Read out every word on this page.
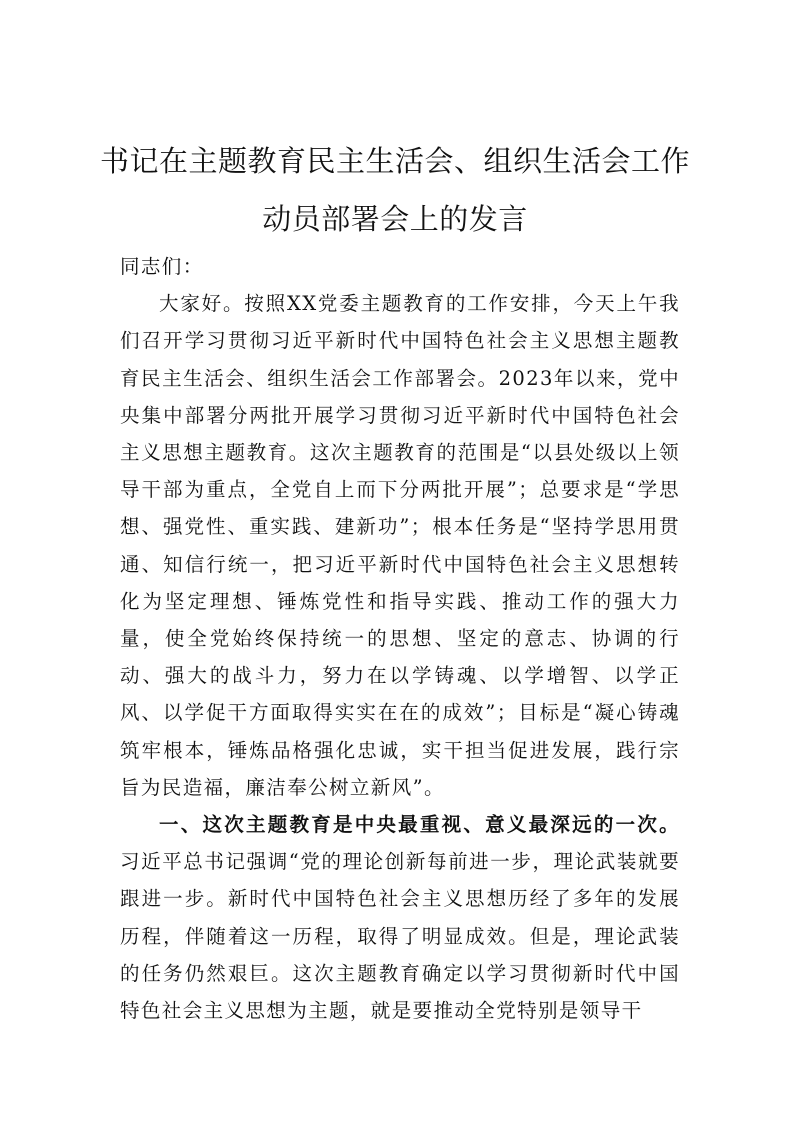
书记在主题教育民主生活会、组织生活会工作动员部署会上的发言

同志们：

大家好。按照XX党委主题教育的工作安排，今天上午我们召开学习贯彻习近平新时代中国特色社会主义思想主题教育民主生活会、组织生活会工作部署会。2023年以来，党中央集中部署分两批开展学习贯彻习近平新时代中国特色社会主义思想主题教育。这次主题教育的范围是“以县处级以上领导干部为重点，全党自上而下分两批开展”；总要求是“学思想、强党性、重实践、建新功”；根本任务是“坚持学思用贯通、知信行统一，把习近平新时代中国特色社会主义思想转化为坚定理想、锤炼党性和指导实践、推动工作的强大力量，使全党始终保持统一的思想、坚定的意志、协调的行动、强大的战斗力，努力在以学铸魂、以学增智、以学正风、以学促干方面取得实实在在的成效”；目标是“凝心铸魂筑牢根本，锤炼品格强化忠诚，实干担当促进发展，践行宗旨为民造福，廉洁奉公树立新风”。

一、这次主题教育是中央最重视、意义最深远的一次。习近平总书记强调“党的理论创新每前进一步，理论武装就要跟进一步。新时代中国特色社会主义思想历经了多年的发展历程，伴随着这一历程，取得了明显成效。但是，理论武装的任务仍然艰巨。这次主题教育确定以学习贯彻新时代中国特色社会主义思想为主题，就是要推动全党特别是领导干
